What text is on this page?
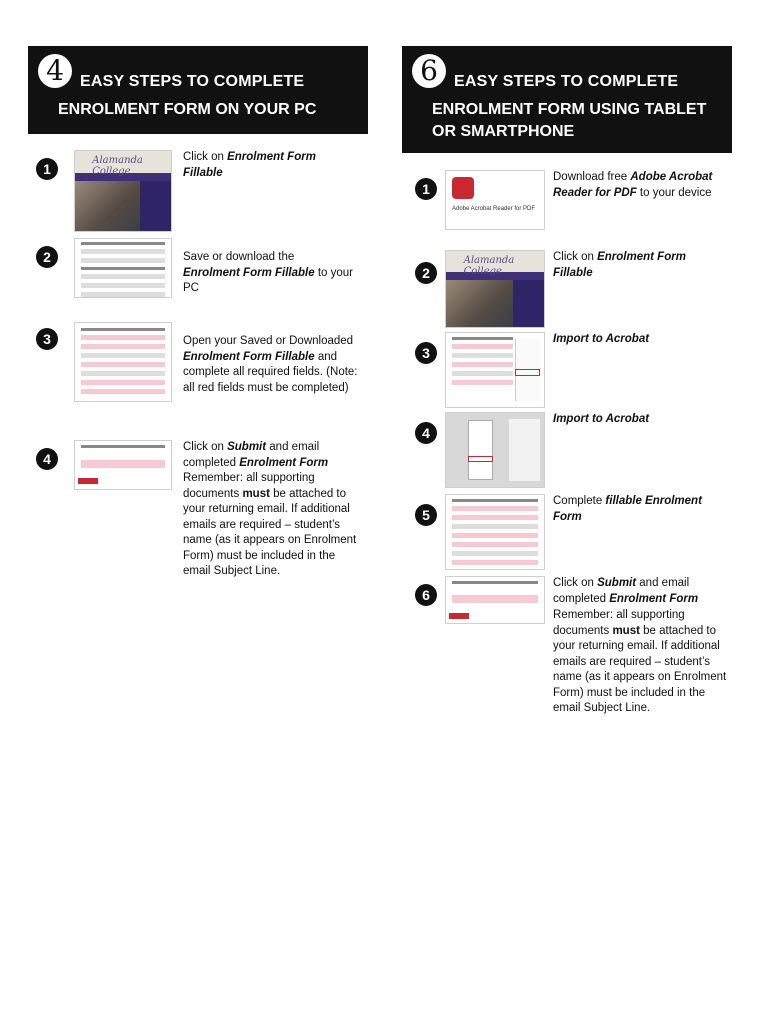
4	EASY STEPS TO COMPLETE
ENROLMENT FORM ON YOUR PC
1
Alamanda College
Click on Enrolment Form Fillable
2	Save or download the Enrolment Form Fillable to your PC
3	Open your Saved or Downloaded Enrolment Form Fillable and complete all required fields. (Note: all red fields must be completed)
4
Click on Submit and email completed Enrolment Form
Remember: all supporting documents must be attached to your returning email. If additional emails are required – student’s name (as it appears on Enrolment Form) must be included in the email Subject Line.
6	EASY STEPS TO COMPLETE
ENROLMENT FORM USING TABLET
OR SMARTPHONE
1
Adobe Acrobat Reader for PDF
Download free Adobe Acrobat Reader for PDF to your device
2
Alamanda College
Click on Enrolment Form Fillable
3
Import to Acrobat
4
Import to Acrobat
5
Complete fillable Enrolment Form
6
Click on Submit and email completed Enrolment Form
Remember: all supporting documents must be attached to your returning email. If additional emails are required – student’s name (as it appears on Enrolment Form) must be included in the email Subject Line.
